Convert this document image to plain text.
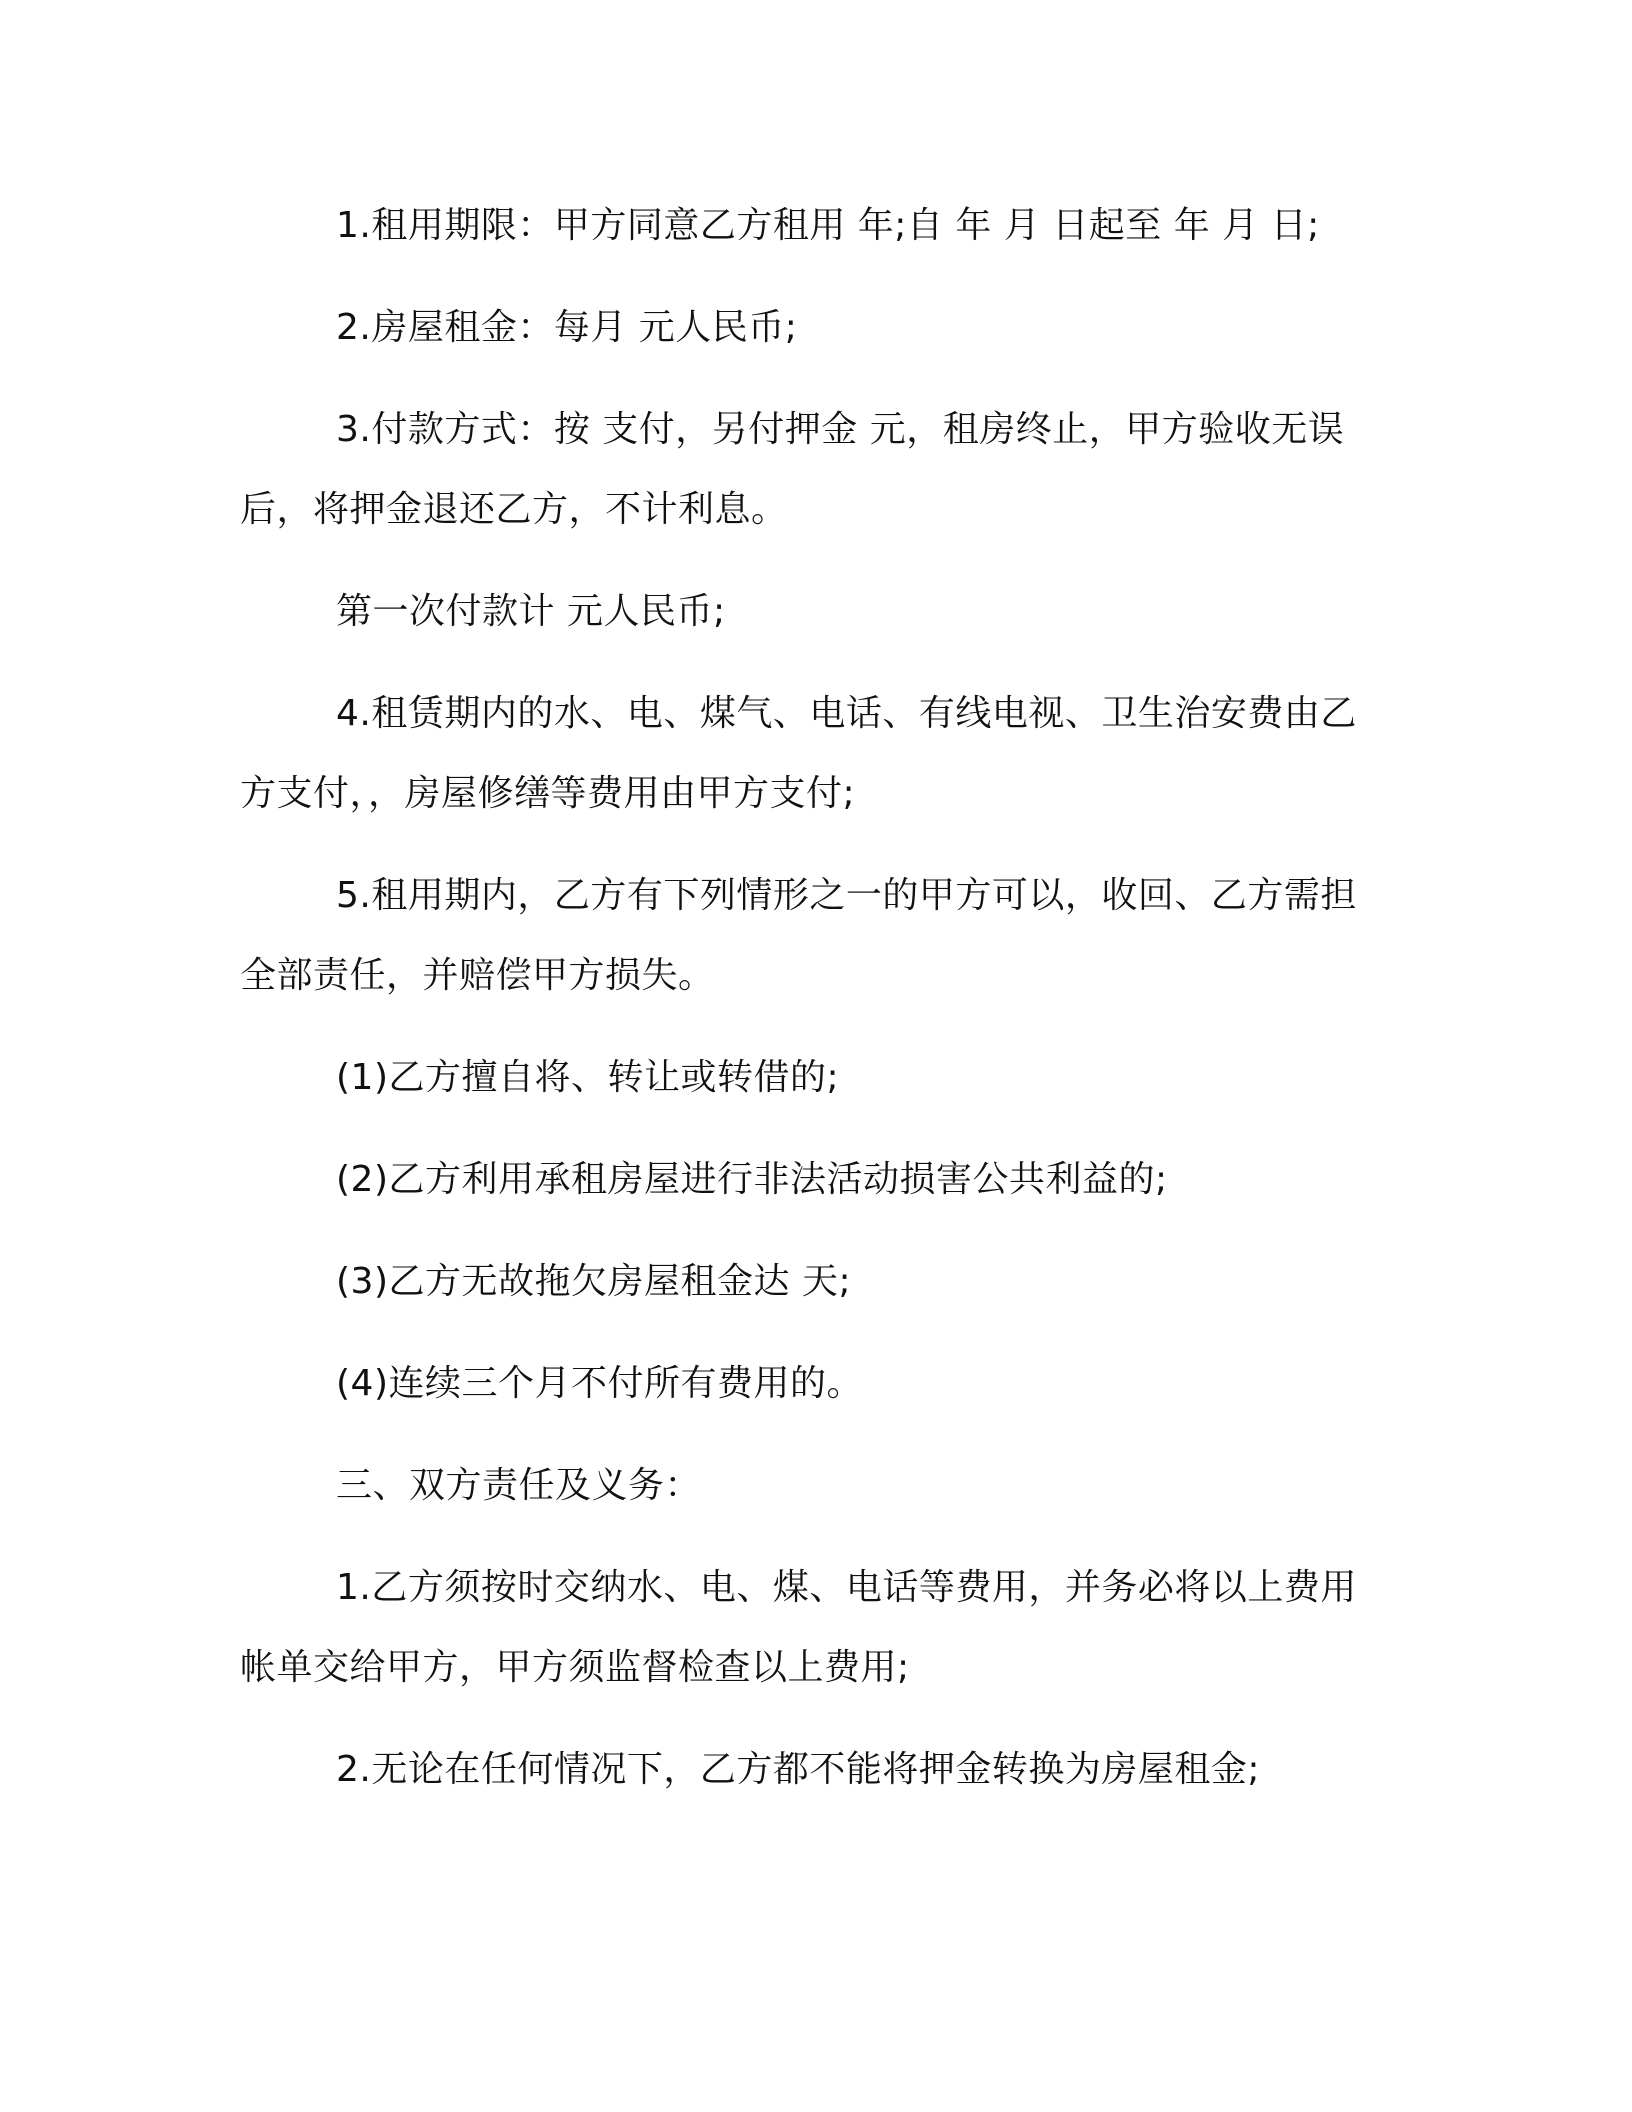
1.租用期限：甲方同意乙方租用 年;自 年 月 日起至 年 月 日;

2.房屋租金：每月 元人民币;

3.付款方式：按 支付，另付押金 元，租房终止，甲方验收无误后，将押金退还乙方，不计利息。

第一次付款计 元人民币;

4.租赁期内的水、电、煤气、电话、有线电视、卫生治安费由乙方支付，，房屋修缮等费用由甲方支付;

5.租用期内，乙方有下列情形之一的甲方可以，收回、乙方需担全部责任，并赔偿甲方损失。

(1)乙方擅自将、转让或转借的;

(2)乙方利用承租房屋进行非法活动损害公共利益的;

(3)乙方无故拖欠房屋租金达 天;

(4)连续三个月不付所有费用的。

三、双方责任及义务：

1.乙方须按时交纳水、电、煤、电话等费用，并务必将以上费用帐单交给甲方，甲方须监督检查以上费用;

2.无论在任何情况下，乙方都不能将押金转换为房屋租金;
